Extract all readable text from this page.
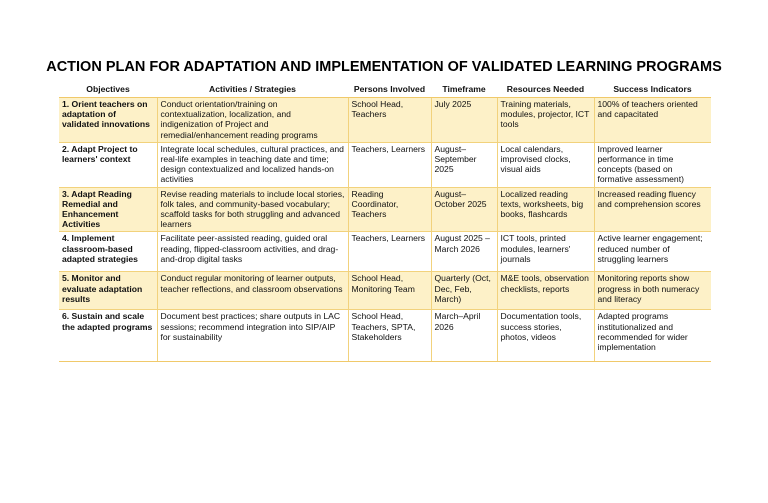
ACTION PLAN FOR ADAPTATION AND IMPLEMENTATION OF VALIDATED LEARNING PROGRAMS
Objectives	Activities / Strategies	Persons Involved	Timeframe	Resources Needed	Success Indicators
1. Orient teachers on adaptation of validated innovations	Conduct orientation/training on contextualization, localization, and indigenization of Project and remedial/enhancement reading programs	School Head, Teachers	July 2025	Training materials, modules, projector, ICT tools	100% of teachers oriented and capacitated
2. Adapt Project to learners' context	Integrate local schedules, cultural practices, and real-life examples in teaching date and time; design contextualized and localized hands-on activities	Teachers, Learners	August–September 2025	Local calendars, improvised clocks, visual aids	Improved learner performance in time concepts (based on formative assessment)
3. Adapt Reading Remedial and Enhancement Activities	Revise reading materials to include local stories, folk tales, and community-based vocabulary; scaffold tasks for both struggling and advanced learners	Reading Coordinator, Teachers	August–October 2025	Localized reading texts, worksheets, big books, flashcards	Increased reading fluency and comprehension scores
4. Implement classroom-based adapted strategies	Facilitate peer-assisted reading, guided oral reading, flipped-classroom activities, and drag-and-drop digital tasks	Teachers, Learners	August 2025 – March 2026	ICT tools, printed modules, learners' journals	Active learner engagement; reduced number of struggling learners
5. Monitor and evaluate adaptation results	Conduct regular monitoring of learner outputs, teacher reflections, and classroom observations	School Head, Monitoring Team	Quarterly (Oct, Dec, Feb, March)	M&E tools, observation checklists, reports	Monitoring reports show progress in both numeracy and literacy
6. Sustain and scale the adapted programs	Document best practices; share outputs in LAC sessions; recommend integration into SIP/AIP for sustainability	School Head, Teachers, SPTA, Stakeholders	March–April 2026	Documentation tools, success stories, photos, videos	Adapted programs institutionalized and recommended for wider implementation
